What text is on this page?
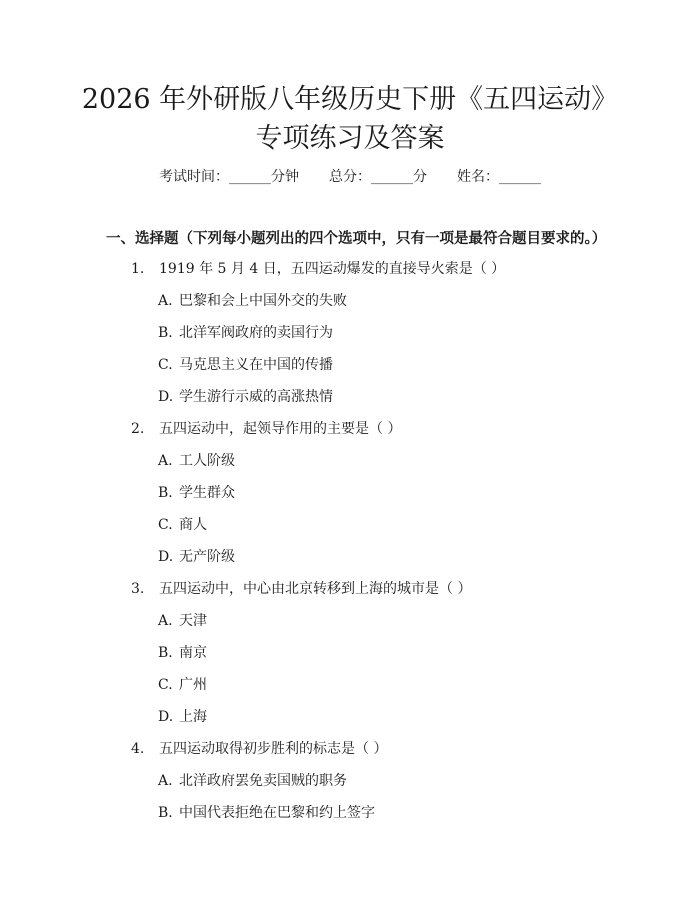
2026 年外研版八年级历史下册《五四运动》
专项练习及答案
考试时间：______分钟 总分：______分 姓名：______
一、选择题（下列每小题列出的四个选项中，只有一项是最符合题目要求的。）
1. 1919 年 5 月 4 日，五四运动爆发的直接导火索是（ ）
A. 巴黎和会上中国外交的失败
B. 北洋军阀政府的卖国行为
C. 马克思主义在中国的传播
D. 学生游行示威的高涨热情
2. 五四运动中，起领导作用的主要是（ ）
A. 工人阶级
B. 学生群众
C. 商人
D. 无产阶级
3. 五四运动中，中心由北京转移到上海的城市是（ ）
A. 天津
B. 南京
C. 广州
D. 上海
4. 五四运动取得初步胜利的标志是（ ）
A. 北洋政府罢免卖国贼的职务
B. 中国代表拒绝在巴黎和约上签字
